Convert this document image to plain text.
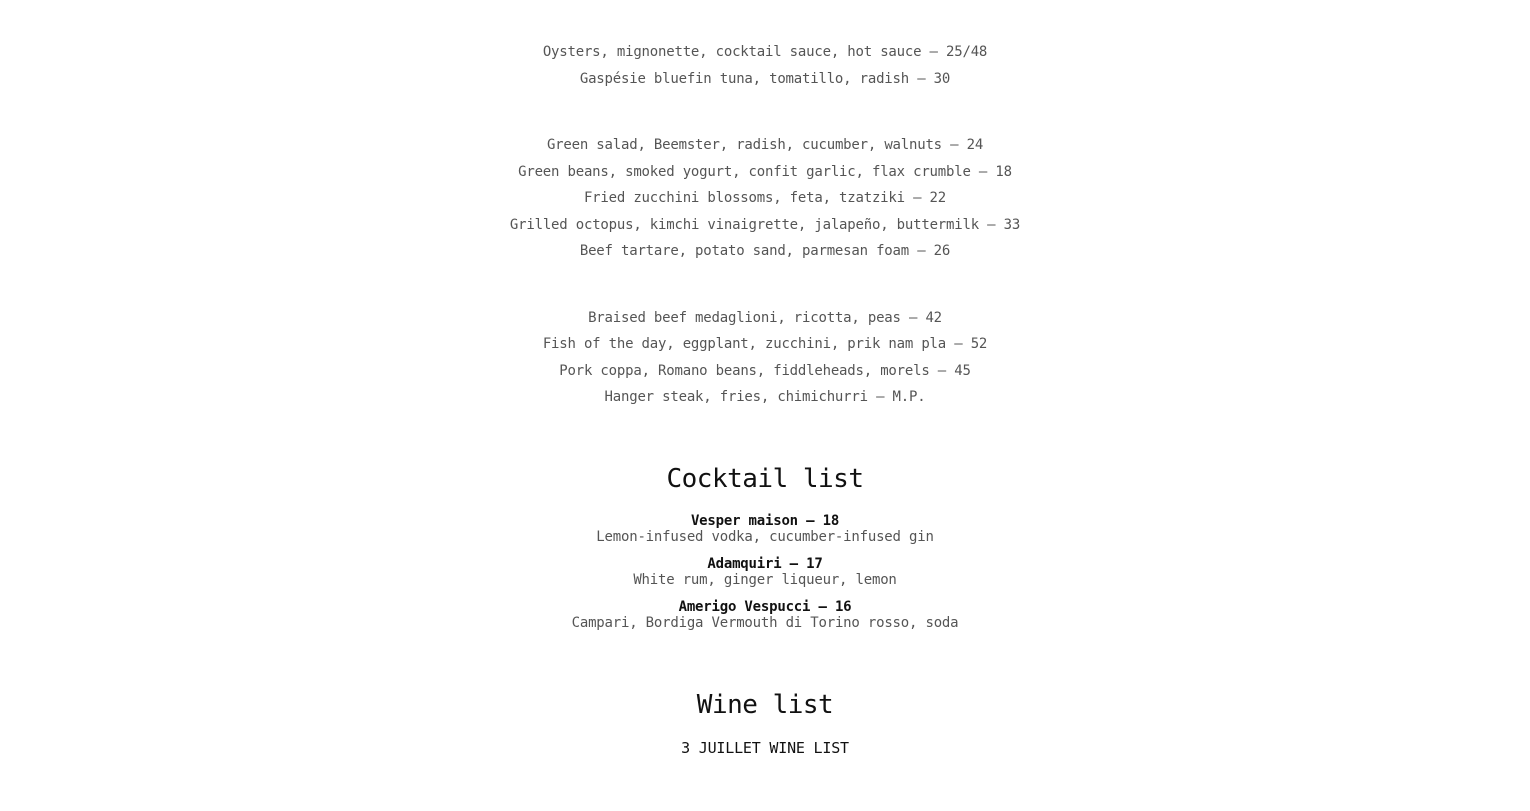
Oysters, mignonette, cocktail sauce, hot sauce – 25/48
Gaspésie bluefin tuna, tomatillo, radish – 30
Green salad, Beemster, radish, cucumber, walnuts – 24
Green beans, smoked yogurt, confit garlic, flax crumble – 18
Fried zucchini blossoms, feta, tzatziki – 22
Grilled octopus, kimchi vinaigrette, jalapeño, buttermilk – 33
Beef tartare, potato sand, parmesan foam – 26
Braised beef medaglioni, ricotta, peas – 42
Fish of the day, eggplant, zucchini, prik nam pla – 52
Pork coppa, Romano beans, fiddleheads, morels – 45
Hanger steak, fries, chimichurri – M.P.
Cocktail list
Vesper maison – 18
Lemon-infused vodka, cucumber-infused gin
Adamquiri – 17
White rum, ginger liqueur, lemon
Amerigo Vespucci – 16
Campari, Bordiga Vermouth di Torino rosso, soda
Wine list
3 JUILLET WINE LIST
